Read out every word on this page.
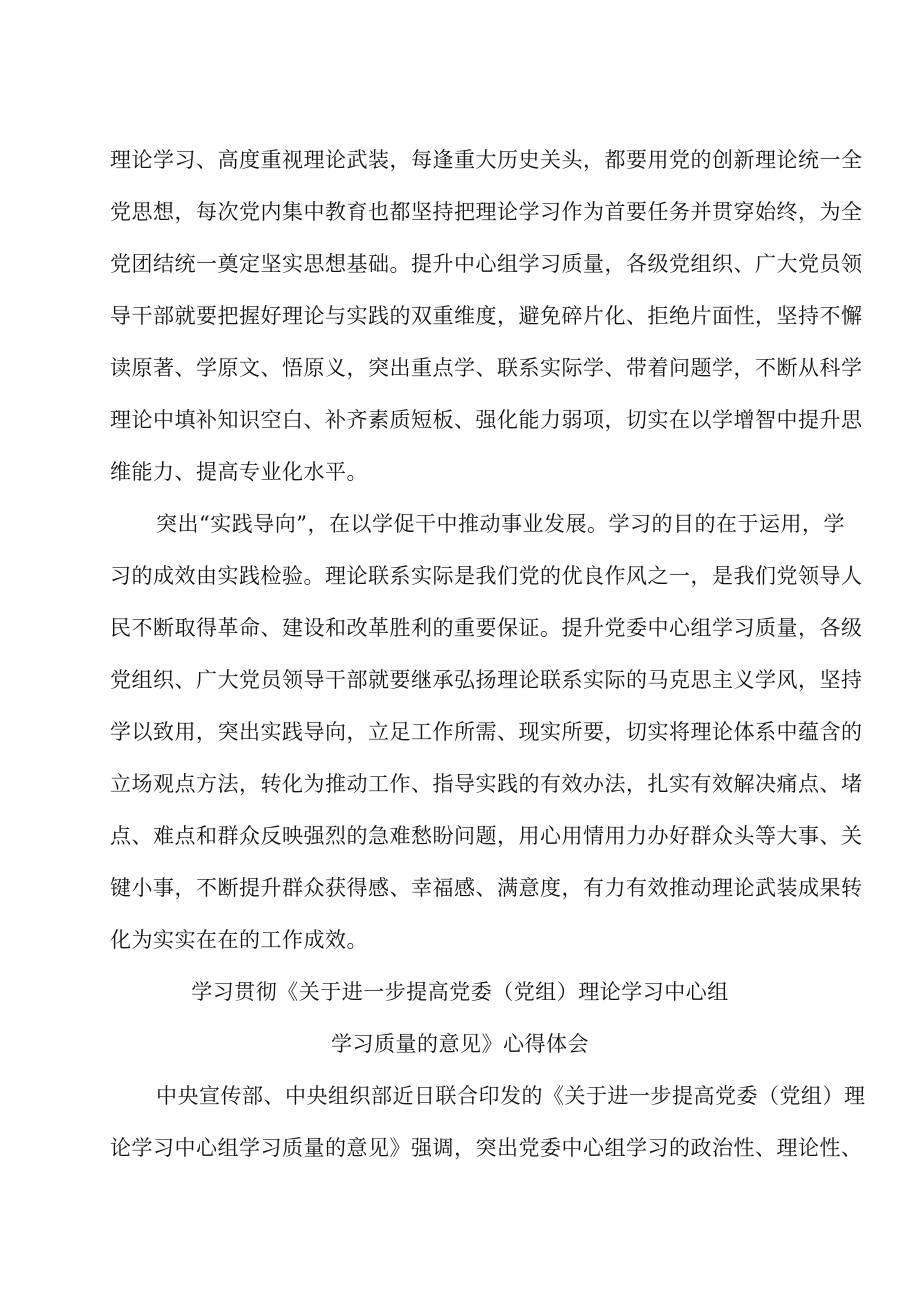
理论学习、高度重视理论武装，每逢重大历史关头，都要用党的创新理论统一全
党思想，每次党内集中教育也都坚持把理论学习作为首要任务并贯穿始终，为全
党团结统一奠定坚实思想基础。提升中心组学习质量，各级党组织、广大党员领
导干部就要把握好理论与实践的双重维度，避免碎片化、拒绝片面性，坚持不懈
读原著、学原文、悟原义，突出重点学、联系实际学、带着问题学，不断从科学
理论中填补知识空白、补齐素质短板、强化能力弱项，切实在以学增智中提升思
维能力、提高专业化水平。
突出“实践导向”，在以学促干中推动事业发展。学习的目的在于运用，学
习的成效由实践检验。理论联系实际是我们党的优良作风之一，是我们党领导人
民不断取得革命、建设和改革胜利的重要保证。提升党委中心组学习质量，各级
党组织、广大党员领导干部就要继承弘扬理论联系实际的马克思主义学风，坚持
学以致用，突出实践导向，立足工作所需、现实所要，切实将理论体系中蕴含的
立场观点方法，转化为推动工作、指导实践的有效办法，扎实有效解决痛点、堵
点、难点和群众反映强烈的急难愁盼问题，用心用情用力办好群众头等大事、关
键小事，不断提升群众获得感、幸福感、满意度，有力有效推动理论武装成果转
化为实实在在的工作成效。
学习贯彻《关于进一步提高党委（党组）理论学习中心组
学习质量的意见》心得体会
中央宣传部、中央组织部近日联合印发的《关于进一步提高党委（党组）理
论学习中心组学习质量的意见》强调，突出党委中心组学习的政治性、理论性、
